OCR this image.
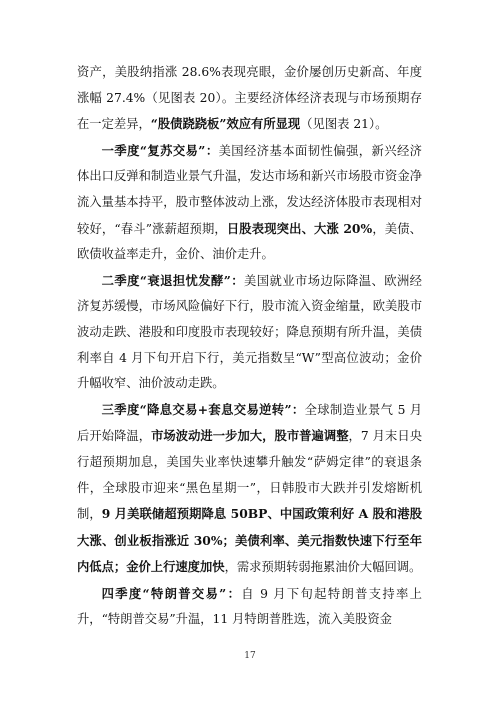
资产，美股纳指涨 28.6%表现亮眼，金价屡创历史新高、年度涨幅 27.4%（见图表 20）。主要经济体经济表现与市场预期存在一定差异，“股债跷跷板”效应有所显现（见图表 21）。

一季度“复苏交易”：美国经济基本面韧性偏强，新兴经济体出口反弹和制造业景气升温，发达市场和新兴市场股市资金净流入量基本持平，股市整体波动上涨，发达经济体股市表现相对较好，“春斗”涨薪超预期，日股表现突出、大涨 20%，美债、欧债收益率走升，金价、油价走升。

二季度“衰退担忧发酵”：美国就业市场边际降温、欧洲经济复苏缓慢，市场风险偏好下行，股市流入资金缩量，欧美股市波动走跌、港股和印度股市表现较好；降息预期有所升温，美债利率自 4 月下旬开启下行，美元指数呈“W”型高位波动；金价升幅收窄、油价波动走跌。

三季度“降息交易+套息交易逆转”：全球制造业景气 5 月后开始降温，市场波动进一步加大，股市普遍调整，7 月末日央行超预期加息，美国失业率快速攀升触发“萨姆定律”的衰退条件，全球股市迎来“黑色星期一”，日韩股市大跌并引发熔断机制，9 月美联储超预期降息 50BP、中国政策利好 A 股和港股大涨、创业板指涨近 30%；美债利率、美元指数快速下行至年内低点；金价上行速度加快，需求预期转弱拖累油价大幅回调。

四季度“特朗普交易”：自 9 月下旬起特朗普支持率上升，“特朗普交易”升温，11 月特朗普胜选，流入美股资金

17
